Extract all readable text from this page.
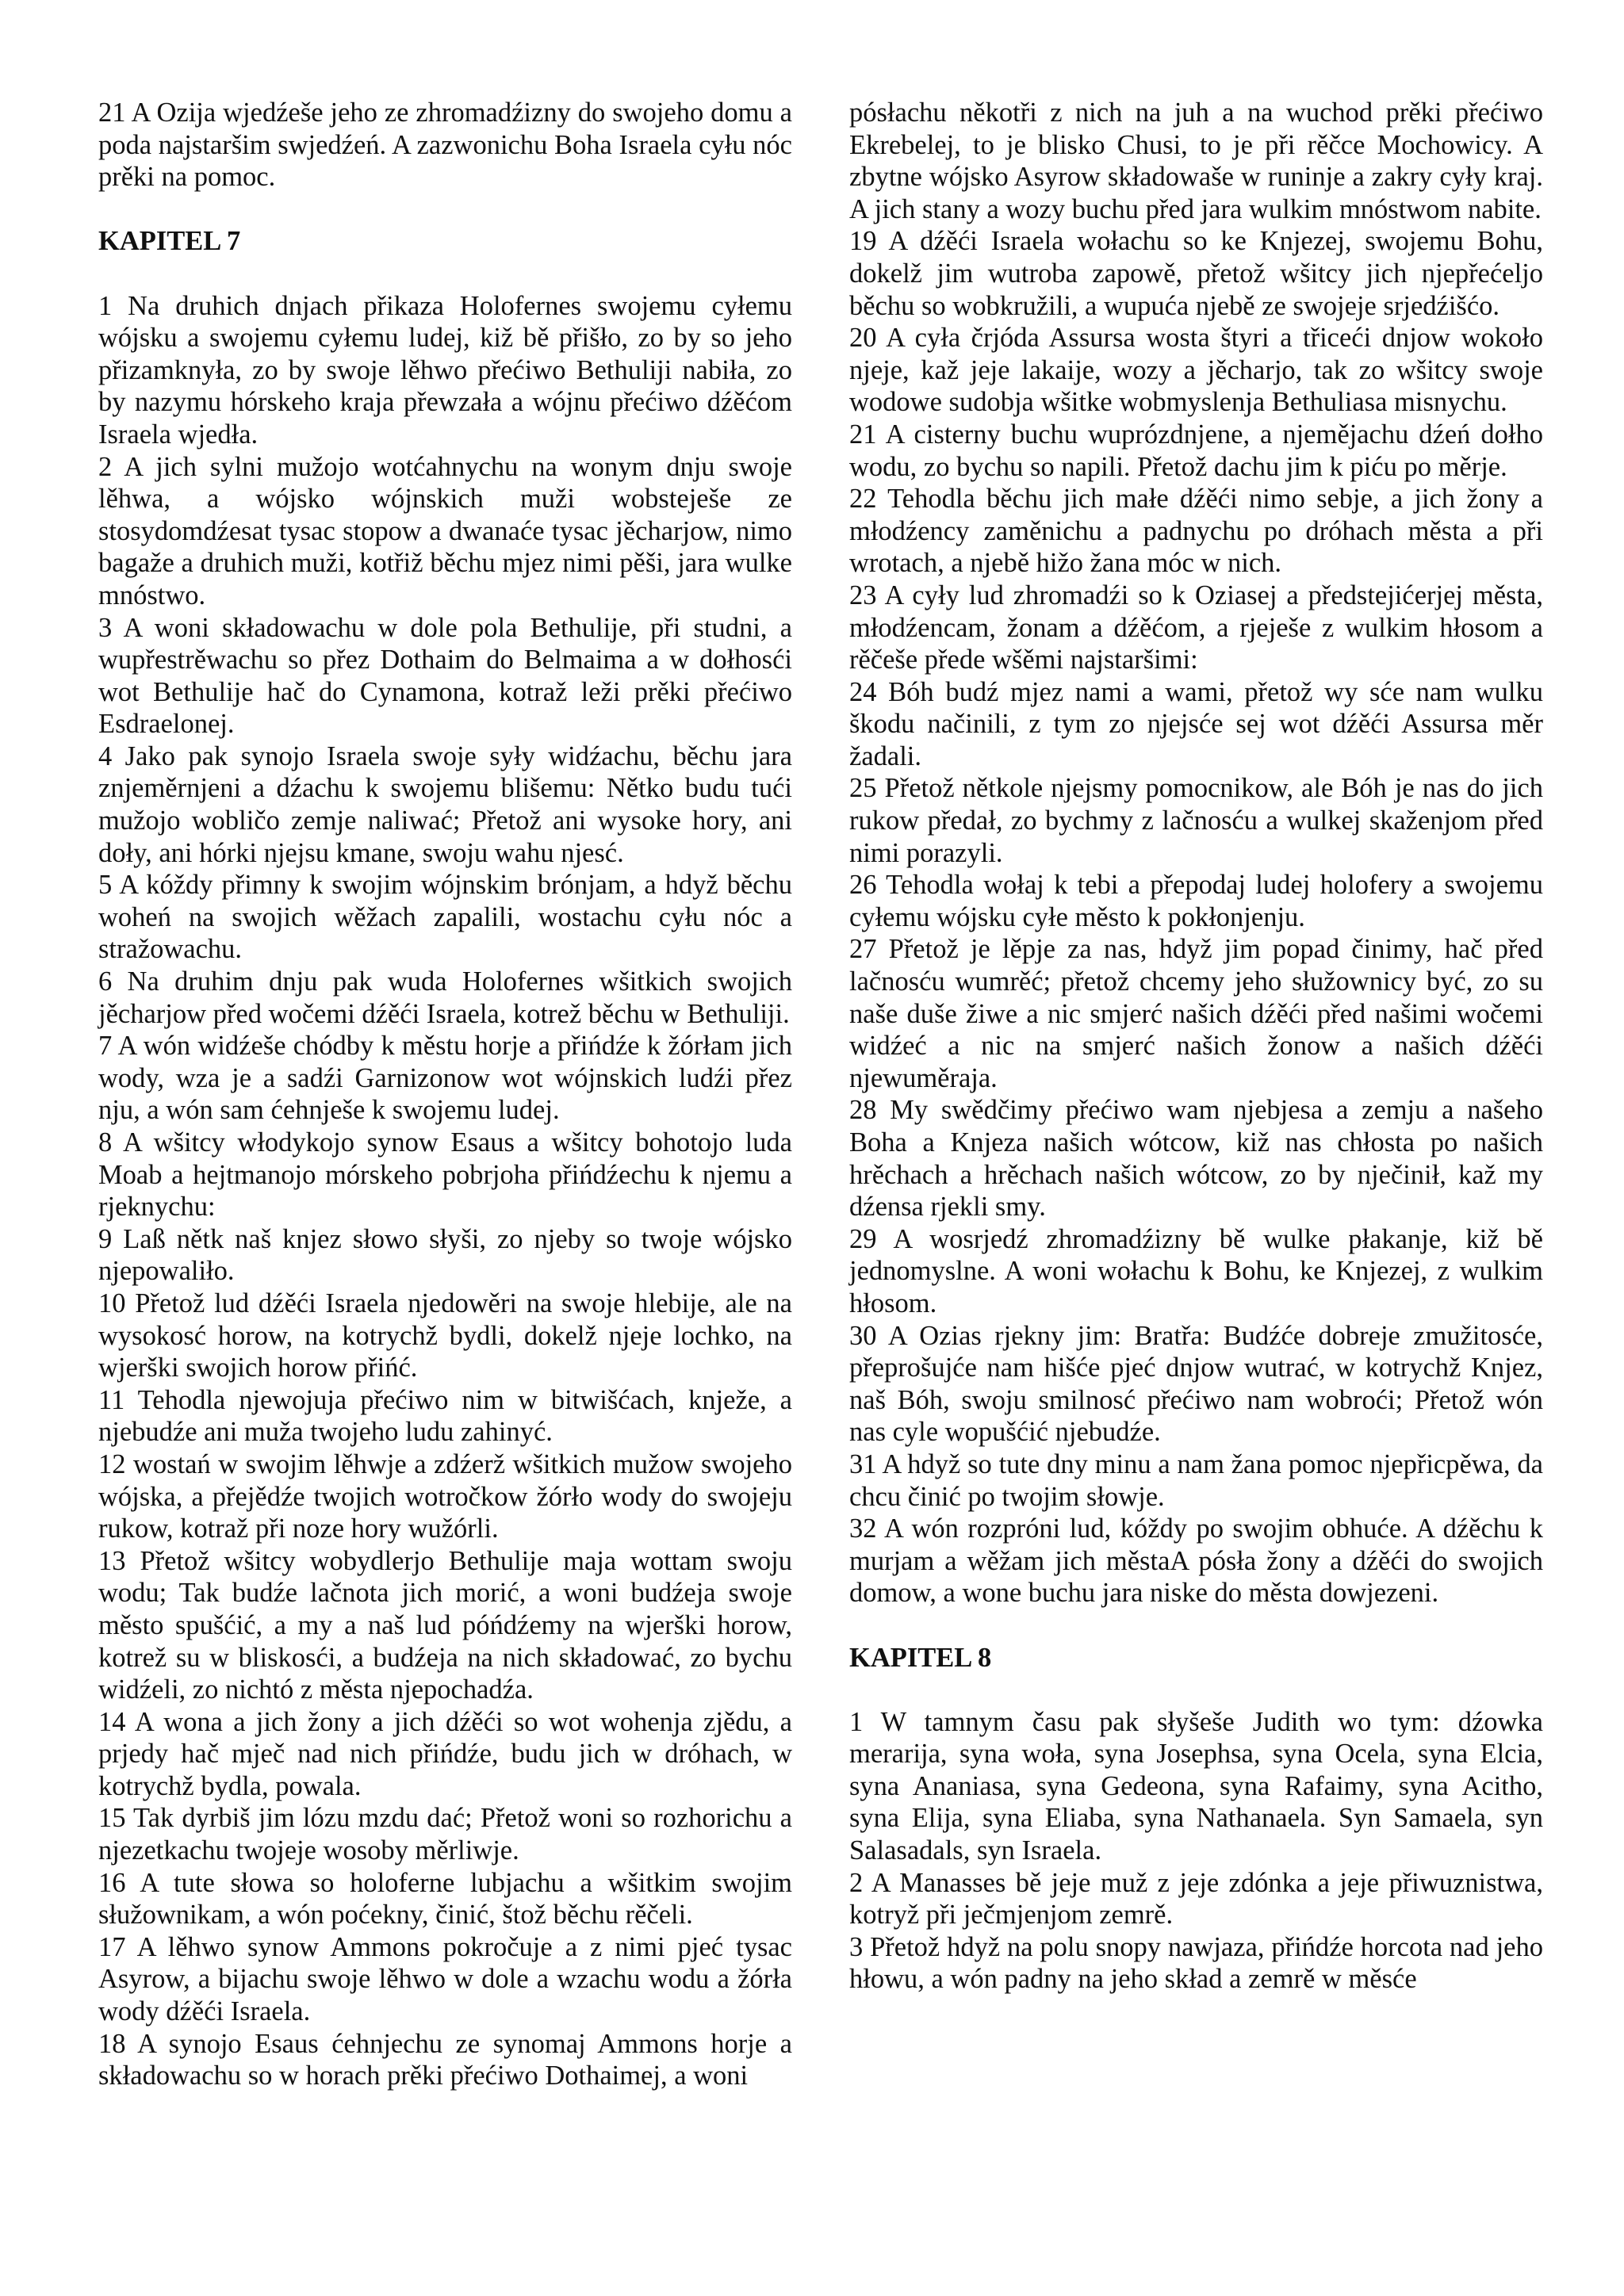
21 A Ozija wjedźeše jeho ze zhromadźizny do swojeho domu a poda najstaršim swjedźeń. A zazwonichu Boha Israela cyłu nóc prěki na pomoc.

KAPITEL 7

1 Na druhich dnjach přikaza Holofernes swojemu cyłemu wójsku a swojemu cyłemu ludej, kiž bě přišło, zo by so jeho přizamknyła, zo by swoje lěhwo přećiwo Bethuliji nabiła, zo by nazymu hórskeho kraja přewzała a wójnu přećiwo dźěćom Israela wjedła.

2 A jich sylni mužojo wotćahnychu na wonym dnju swoje lěhwa, a wójsko wójnskich muži wobsteješe ze stosydomdźesat tysac stopow a dwanaće tysac jěcharjow, nimo bagaže a druhich muži, kotřiž běchu mjez nimi pěši, jara wulke mnóstwo.

3 A woni składowachu w dole pola Bethulije, při studni, a wupřestrěwachu so přez Dothaim do Belmaima a w dołhosći wot Bethulije hač do Cynamona, kotraž leži prěki přećiwo Esdraelonej.

4 Jako pak synojo Israela swoje syły widźachu, běchu jara znjeměrnjeni a dźachu k swojemu blišemu: Nětko budu tući mužojo wobličo zemje naliwać; Přetož ani wysoke hory, ani doły, ani hórki njejsu kmane, swoju wahu njesć.

5 A kóždy přimny k swojim wójnskim brónjam, a hdyž běchu woheń na swojich wěžach zapalili, wostachu cyłu nóc a stražowachu.

6 Na druhim dnju pak wuda Holofernes wšitkich swojich jěcharjow před wočemi dźěći Israela, kotrež běchu w Bethuliji.

7 A wón widźeše chódby k městu horje a přińdźe k žórłam jich wody, wza je a sadźi Garnizonow wot wójnskich ludźi přez nju, a wón sam ćehnješe k swojemu ludej.

8 A wšitcy włodykojo synow Esaus a wšitcy bohotojo luda Moab a hejtmanojo mórskeho pobrjoha přińdźechu k njemu a rjeknychu:

9 Laß nětk naš knjez słowo słyši, zo njeby so twoje wójsko njepowaliło.

10 Přetož lud dźěći Israela njedowěri na swoje hlebije, ale na wysokosć horow, na kotrychž bydli, dokelž njeje lochko, na wjerški swojich horow přińć.

11 Tehodla njewojuja přećiwo nim w bitwišćach, knježe, a njebudźe ani muža twojeho ludu zahinyć.

12 wostań w swojim lěhwje a zdźerž wšitkich mužow swojeho wójska, a přejědźe twojich wotročkow žórło wody do swojeju rukow, kotraž při noze hory wužórli.

13 Přetož wšitcy wobydlerjo Bethulije maja wottam swoju wodu; Tak budźe lačnota jich morić, a woni budźeja swoje město spušćić, a my a naš lud póńdźemy na wjerški horow, kotrež su w bliskosći, a budźeja na nich składować, zo bychu widźeli, zo nichtó z města njepochadźa.

14 A wona a jich žony a jich dźěći so wot wohenja zjědu, a prjedy hač mječ nad nich přińdźe, budu jich w dróhach, w kotrychž bydla, powala.

15 Tak dyrbiš jim lózu mzdu dać; Přetož woni so rozhorichu a njezetkachu twojeje wosoby měrliwje.

16 A tute słowa so holoferne lubjachu a wšitkim swojim słužownikam, a wón poćekny, činić, štož běchu rěčeli.

17 A lěhwo synow Ammons pokročuje a z nimi pjeć tysac Asyrow, a bijachu swoje lěhwo w dole a wzachu wodu a žórła wody dźěći Israela.

18 A synojo Esaus ćehnjechu ze synomaj Ammons horje a składowachu so w horach prěki přećiwo Dothaimej, a woni

pósłachu někotři z nich na juh a na wuchod prěki přećiwo Ekrebelej, to je blisko Chusi, to je při rěčce Mochowicy. A zbytne wójsko Asyrow składowaše w runinje a zakry cyły kraj. A jich stany a wozy buchu před jara wulkim mnóstwom nabite.

19 A dźěći Israela wołachu so ke Knjezej, swojemu Bohu, dokelž jim wutroba zapowě, přetož wšitcy jich njepřećeljo běchu so wobkružili, a wupuća njebě ze swojeje srjedźišćo.

20 A cyła črjóda Assursa wosta štyri a třiceći dnjow wokoło njeje, kaž jeje lakaije, wozy a jěcharjo, tak zo wšitcy swoje wodowe sudobja wšitke wobmyslenja Bethuliasa misnychu.

21 A cisterny buchu wuprózdnjene, a njemějachu dźeń dołho wodu, zo bychu so napili. Přetož dachu jim k piću po měrje.

22 Tehodla běchu jich małe dźěći nimo sebje, a jich žony a młodźency zaměnichu a padnychu po dróhach města a při wrotach, a njebě hižo žana móc w nich.

23 A cyły lud zhromadźi so k Oziasej a předstejićerjej města, młodźencam, žonam a dźěćom, a rjeješe z wulkim hłosom a rěčeše přede wšěmi najstaršimi:

24 Bóh budź mjez nami a wami, přetož wy sće nam wulku škodu načinili, z tym zo njejsće sej wot dźěći Assursa měr žadali.

25 Přetož nětkole njejsmy pomocnikow, ale Bóh je nas do jich rukow předał, zo bychmy z lačnosću a wulkej skaženjom před nimi porazyli.

26 Tehodla wołaj k tebi a přepodaj ludej holofery a swojemu cyłemu wójsku cyłe město k pokłonjenju.

27 Přetož je lěpje za nas, hdyž jim popad činimy, hač před lačnosću wumrěć; přetož chcemy jeho słužownicy być, zo su naše duše žiwe a nic smjerć našich dźěći před našimi wočemi widźeć a nic na smjerć našich žonow a našich dźěći njewuměraja.

28 My swědčimy přećiwo wam njebjesa a zemju a našeho Boha a Knjeza našich wótcow, kiž nas chłosta po našich hrěchach a hrěchach našich wótcow, zo by nječinił, kaž my dźensa rjekli smy.

29 A wosrjedź zhromadźizny bě wulke płakanje, kiž bě jednomyslne. A woni wołachu k Bohu, ke Knjezej, z wulkim hłosom.

30 A Ozias rjekny jim: Bratřa: Budźće dobreje zmužitosće, přeprošujće nam hišće pjeć dnjow wutrać, w kotrychž Knjez, naš Bóh, swoju smilnosć přećiwo nam wobroći; Přetož wón nas cyle wopušćić njebudźe.

31 A hdyž so tute dny minu a nam žana pomoc njepřicpěwa, da chcu činić po twojim słowje.

32 A wón rozpróni lud, kóždy po swojim obhuće. A dźěchu k murjam a wěžam jich městaA pósła žony a dźěći do swojich domow, a wone buchu jara niske do města dowjezeni.

KAPITEL 8

1 W tamnym času pak słyšeše Judith wo tym: dźowka merarija, syna woła, syna Josephsa, syna Ocela, syna Elcia, syna Ananiasa, syna Gedeona, syna Rafaimy, syna Acitho, syna Elija, syna Eliaba, syna Nathanaela. Syn Samaela, syn Salasadals, syn Israela.

2 A Manasses bě jeje muž z jeje zdónka a jeje přiwuznistwa, kotryž při ječmjenjom zemrě.

3 Přetož hdyž na polu snopy nawjaza, přińdźe horcota nad jeho hłowu, a wón padny na jeho skład a zemrě w měsće
